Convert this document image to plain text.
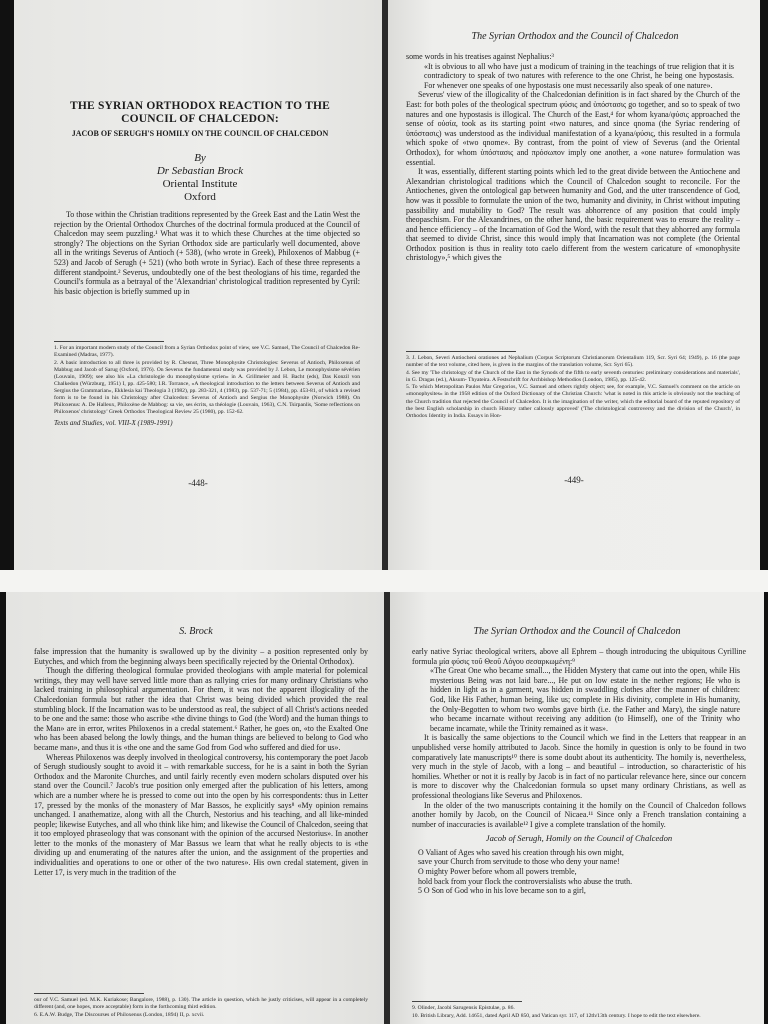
THE SYRIAN ORTHODOX REACTION TO THE
COUNCIL OF CHALCEDON:
JACOB OF SERUGH'S HOMILY ON THE COUNCIL OF CHALCEDON
By
Dr Sebastian Brock
Oriental Institute
Oxford

To those within the Christian traditions represented by the Greek East and the Latin West the rejection by the Oriental Orthodox Churches of the doctrinal formula produced at the Council of Chalcedon may seem puzzling.¹ What was it to which these Churches at the time objected so strongly? The objections on the Syrian Orthodox side are particularly well documented, above all in the writings Severus of Antioch (+ 538), (who wrote in Greek), Philoxenos of Mabbug (+ 523) and Jacob of Serugh (+ 521) (who both wrote in Syriac). Each of these three represents a different standpoint.² Severus, undoubtedly one of the best theologians of his time, regarded the Council's formula as a betrayal of the 'Alexandrian' christological tradition represented by Cyril: his basic objection is briefly summed up in

1. For an important modern study of the Council from a Syrian Orthodox point of view, see V.C. Samuel, The Council of Chalcedon Re-Examined (Madras, 1977).

2. A basic introduction to all three is provided by R. Chesnut, Three Monophysite Christologies: Severus of Antioch, Philoxenus of Mabbug and Jacob of Sarug (Oxford, 1976). On Severus the fundamental study was provided by J. Lebon, Le monophysisme sévérien (Louvain, 1909); see also his «La christologie du monophysisme syrien» in A. Grillmeier and H. Bacht (eds), Das Konzil von Chalkedon (Würzburg, 1951) I, pp. 425-580; I.R. Torrance, «A theological introduction to the letters between Severus of Antioch and Sergius the Grammarian», Ekklesia kai Theologia 3 (1982), pp. 283-321, 4 (1983), pp. 537-71; 5 (1984), pp. 453-81, of which a revised form is to be found in his Christology after Chalcedon: Severus of Antioch and Sergius the Monophysite (Norwich 1988). On Philoxenus: A. De Halleux, Philoxène de Mabbog: sa vie, ses écrits, sa théologie (Louvain, 1963), C.N. Tsirpanlis, 'Some reflections on Philoxenos' christology' Greek Orthodox Theological Review 25 (1980), pp. 152-62.

Texts and Studies, vol. VIII-X (1989-1991)
-448-
The Syrian Orthodox and the Council of Chalcedon

some words in his treatises against Nephalius:³

«It is obvious to all who have just a modicum of training in the teachings of true religion that it is contradictory to speak of two natures with reference to the one Christ, he being one hypostasis. For whenever one speaks of one hypostasis one must necessarily also speak of one nature».

Severus' view of the illogicality of the Chalcedonian definition is in fact shared by the Church of the East: for both poles of the theological spectrum φύσις and ὑπόστασις go together, and so to speak of two natures and one hypostasis is illogical. The Church of the East,⁴ for whom kyana/φύσις approached the sense of οὐσία, took as its starting point «two natures, and since qnoma (the Syriac rendering of ὑπόστασις) was understood as the individual manifestation of a kyana/φύσις, this resulted in a formula which spoke of «two qnome». By contrast, from the point of view of Severus (and the Oriental Orthodox), for whom ὑπόστασις and πρόσωπον imply one another, a «one nature» formulation was essential.

It was, essentially, different starting points which led to the great divide between the Antiochene and Alexandrian christological traditions which the Council of Chalcedon sought to reconcile. For the Antiochenes, given the ontological gap between humanity and God, and the utter transcendence of God, how was it possible to formulate the union of the two, humanity and divinity, in Christ without imputing passibility and mutability to God? The result was abhorrence of any position that could imply theopaschism. For the Alexandrines, on the other hand, the basic requirement was to ensure the reality – and hence efficiency – of the Incarnation of God the Word, with the result that they abhorred any formula that seemed to divide Christ, since this would imply that Incarnation was not complete (the Oriental Orthodox position is thus in reality toto caelo different from the western caricature of «monophysite christology»,⁵ which gives the

3. J. Lebon, Severi Antiocheni orationes ad Nephalium (Corpus Scriptorum Christianorum Orientalium 119, Scr. Syri 64; 1949), p. 16 (the page number of the text volume, cited here, is given in the margins of the translation volume, Scr. Syri 65).

4. See my 'The christology of the Church of the East in the Synods of the fifth to early seventh centuries: preliminary considerations and materials', in G. Dragas (ed.), Aksum- Thyateira. A Festschrift for Archbishop Methodios (London, 1985), pp. 125-42.

5. To which Metropolitan Paulos Mar Gregorios, V.C. Samuel and others rightly object; see, for example, V.C. Samuel's comment on the article on «monophysites» in the 1958 edition of the Oxford Dictionary of the Christian Church: 'what is noted in this article is obviously not the teaching of the Church tradition that rejected the Council of Chalcedon. It is the imagination of the writer, which the editorial board of the reputed repository of the best English scholarship in church History rather callously approved' ('The christological controversy and the division of the Church', in Orthodox Identity in India. Essays in Hon-

-449-
S. Brock

false impression that the humanity is swallowed up by the divinity – a position represented only by Eutyches, and which from the beginning always been specifically rejected by the Oriental Orthodox).

Though the differing theological formulae provided theologians with ample material for polemical writings, they may well have served little more than as rallying cries for many ordinary Christians who lacked training in philosophical argumentation. For them, it was not the apparent illogicality of the Chalcedonian formula but rather the idea that Christ was being divided which provided the real stumbling block. If the Incarnation was to be understood as real, the subject of all Christ's actions needed to be one and the same: those who ascribe «the divine things to God (the Word) and the human things to the Man» are in error, writes Philoxenos in a credal statement.⁶ Rather, he goes on, «to the Exalted One who has been abased belong the lowly things, and the human things are believed to belong to God who became man», and thus it is «the one and the same God from God who suffered and died for us».

Whereas Philoxenos was deeply involved in theological controversy, his contemporary the poet Jacob of Serugh studiously sought to avoid it – with remarkable success, for he is a saint in both the Syrian Orthodox and the Maronite Churches, and until fairly recently even modern scholars disputed over his stand over the Council.⁷ Jacob's true position only emerged after the publication of his letters, among which are a number where he is pressed to come out into the open by his correspondents: thus in Letter 17, pressed by the monks of the monastery of Mar Bassos, he explicitly says⁸ «My opinion remains unchanged. I anathematize, along with all the Church, Nestorius and his teaching, and all like-minded people; likewise Eutyches, and all who think like him; and likewise the Council of Chalcedon, seeing that it too employed phraseology that was consonant with the opinion of the accursed Nestorius». In another letter to the monks of the monastery of Mar Bassus we learn that what he really objects to is «the dividing up and enumerating of the natures after the union, and the assignment of the properties and individualities and operations to one or other of the two natures». His own credal statement, given in Letter 17, is very much in the tradition of the

our of V.C. Samuel (ed. M.K. Kuriakose; Bangalore, 1988), p. 130). The article in question, which he justly criticises, will appear in a completely different (and, one hopes, more acceptable) form in the forthcoming third edition.

6. E.A.W. Budge, The Discourses of Philoxenus (London, 1894) II, p. xcvii.

The Syrian Orthodox and the Council of Chalcedon

early native Syriac theological writers, above all Ephrem – though introducing the ubiquitous Cyrilline formula μία φύσις τοῦ Θεοῦ Λόγου σεσαρκωμένη:⁹

«The Great One who became small..., the Hidden Mystery that came out into the open, while His mysterious Being was not laid bare..., He put on low estate in the nether regions; He who is hidden in light as in a garment, was hidden in swaddling clothes after the manner of children: God, like His Father, human being, like us; complete in His divinity, complete in His humanity, the Only-Begotten to whom two wombs gave birth (i.e. the Father and Mary), the single nature who became incarnate without receiving any addition (to Himself), one of the Trinity who became incarnate, while the Trinity remained as it was».

It is basically the same objections to the Council which we find in the Letters that reappear in an unpublished verse homily attributed to Jacob. Since the homily in question is only to be found in two comparatively late manuscripts¹⁰ there is some doubt about its authenticity. The homily is, nevertheless, very much in the style of Jacob, with a long – and beautiful – introduction, so characteristic of his homilies. Whether or not it is really by Jacob is in fact of no particular relevance here, since our concern is more to discover why the Chalcedonian formula so upset many ordinary Christians, as well as professional theologians like Severus and Philoxenos.

In the older of the two manuscripts containing it the homily on the Council of Chalcedon follows another homily by Jacob, on the Council of Nicaea.¹¹ Since only a French translation containing a number of inaccuracies is available¹² I give a complete translation of the homily.

Jacob of Serugh, Homily on the Council of Chalcedon
O Valiant of Ages who saved his creation through his own might,
save your Church from servitude to those who deny your name!
O mighty Power before whom all powers tremble,
hold back from your flock the controversialists who abuse the truth.
5 O Son of God who in his love became son to a girl,

9. Olinder, Jacobi Sarugensis Epistulae, p. 86.

10. British Library, Add. 14651, dated April AD 850, and Vatican syr. 117, of 12th/13th century. I hope to edit the text elsewhere.
